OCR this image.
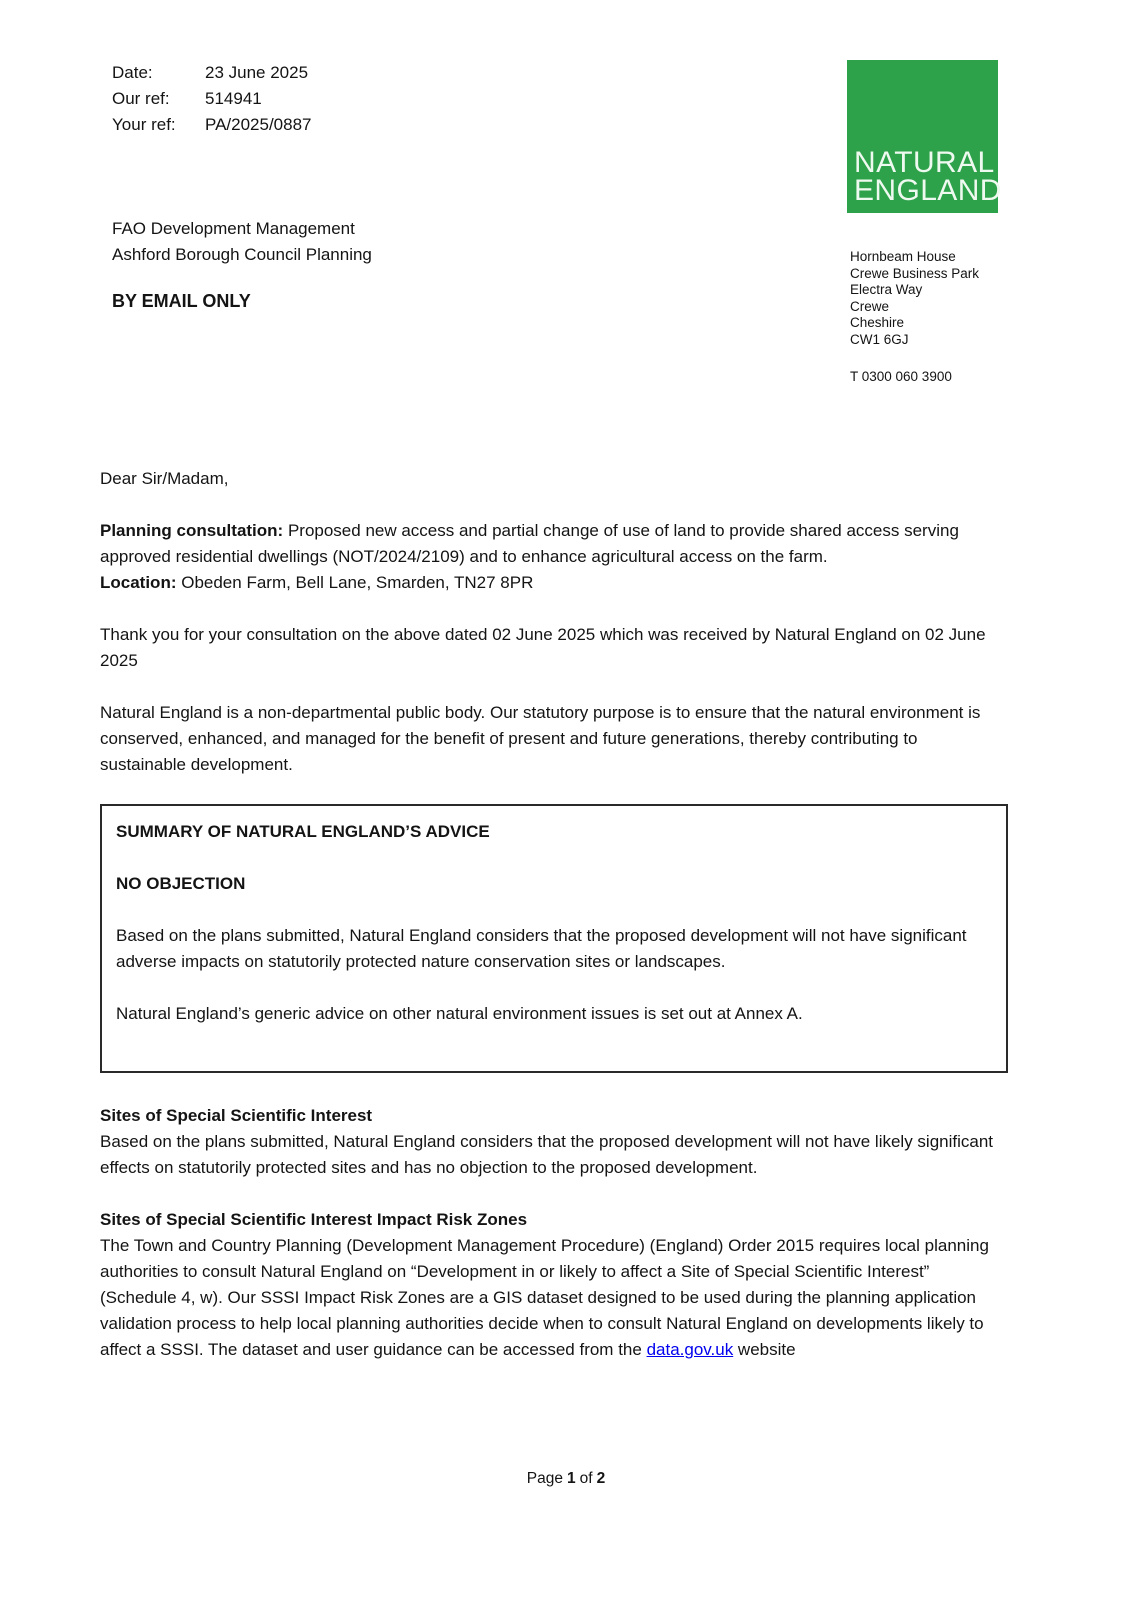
Date:	23 June 2025
Our ref:	514941
Your ref:	PA/2025/0887
NATURAL
ENGLAND
FAO Development Management
Ashford Borough Council Planning
BY EMAIL ONLY
Hornbeam House
Crewe Business Park
Electra Way
Crewe
Cheshire
CW1 6GJ
T 0300 060 3900
Dear Sir/Madam,
Planning consultation: Proposed new access and partial change of use of land to provide shared access serving approved residential dwellings (NOT/2024/2109) and to enhance agricultural access on the farm.
Location: Obeden Farm, Bell Lane, Smarden, TN27 8PR
Thank you for your consultation on the above dated 02 June 2025 which was received by Natural England on 02 June 2025
Natural England is a non-departmental public body. Our statutory purpose is to ensure that the natural environment is conserved, enhanced, and managed for the benefit of present and future generations, thereby contributing to sustainable development.
SUMMARY OF NATURAL ENGLAND’S ADVICE
NO OBJECTION
Based on the plans submitted, Natural England considers that the proposed development will not have significant adverse impacts on statutorily protected nature conservation sites or landscapes.
Natural England’s generic advice on other natural environment issues is set out at Annex A.
Sites of Special Scientific Interest
Based on the plans submitted, Natural England considers that the proposed development will not have likely significant effects on statutorily protected sites and has no objection to the proposed development.
Sites of Special Scientific Interest Impact Risk Zones
The Town and Country Planning (Development Management Procedure) (England) Order 2015 requires local planning authorities to consult Natural England on “Development in or likely to affect a Site of Special Scientific Interest” (Schedule 4, w). Our SSSI Impact Risk Zones are a GIS dataset designed to be used during the planning application validation process to help local planning authorities decide when to consult Natural England on developments likely to affect a SSSI. The dataset and user guidance can be accessed from the data.gov.uk website
Page 1 of 2
